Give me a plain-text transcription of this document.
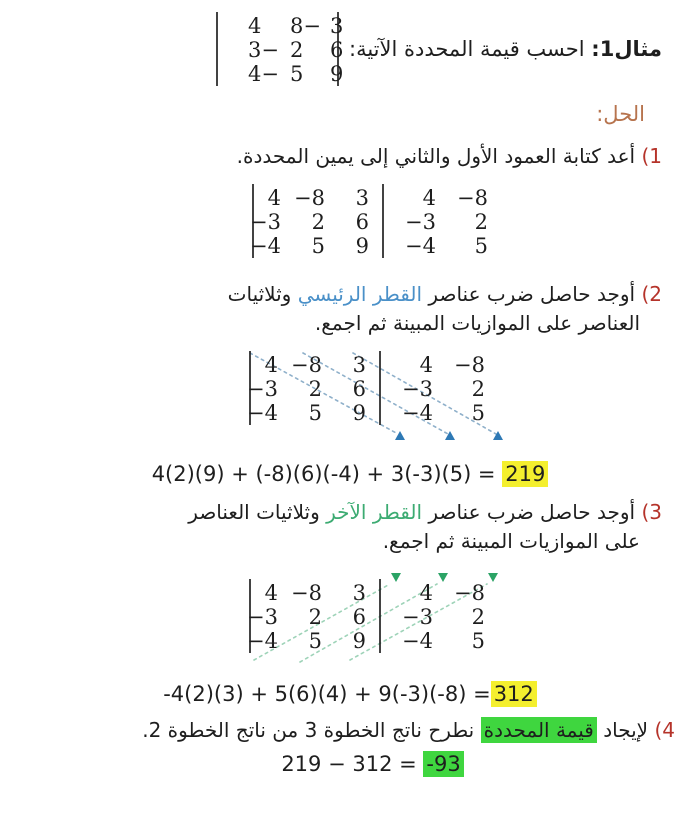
مثال1: احسب قيمة المحددة الآتية:
4 −8 3
−3 2 6
−4 5 9
الحل:
1) أعد كتابة العمود الأول والثاني إلى يمين المحددة.
4 −8 3	4 −8
−3 2 6 −3 2
−4 5 9 −4 5
2) أوجد حاصل ضرب عناصر القطر الرئيسي وثلاثيات
العناصر على الموازيات المبينة ثم اجمع.
4 −8 3	4 −8
−3 2 6 −3 2
−4 5 9 −4 5
4(2)(9) + (-8)(6)(-4) + 3(-3)(5) = 219
3) أوجد حاصل ضرب عناصر القطر الآخر وثلاثيات العناصر
على الموازيات المبينة ثم اجمع.
4 −8 3	4 −8
−3 2 6 −3 2
−4 5 9 −4 5
-4(2)(3) + 5(6)(4) + 9(-3)(-8) = 312
4) لإيجاد قيمة المحددة نطرح ناتج الخطوة 3 من ناتج الخطوة 2.
219 − 312 = -93
